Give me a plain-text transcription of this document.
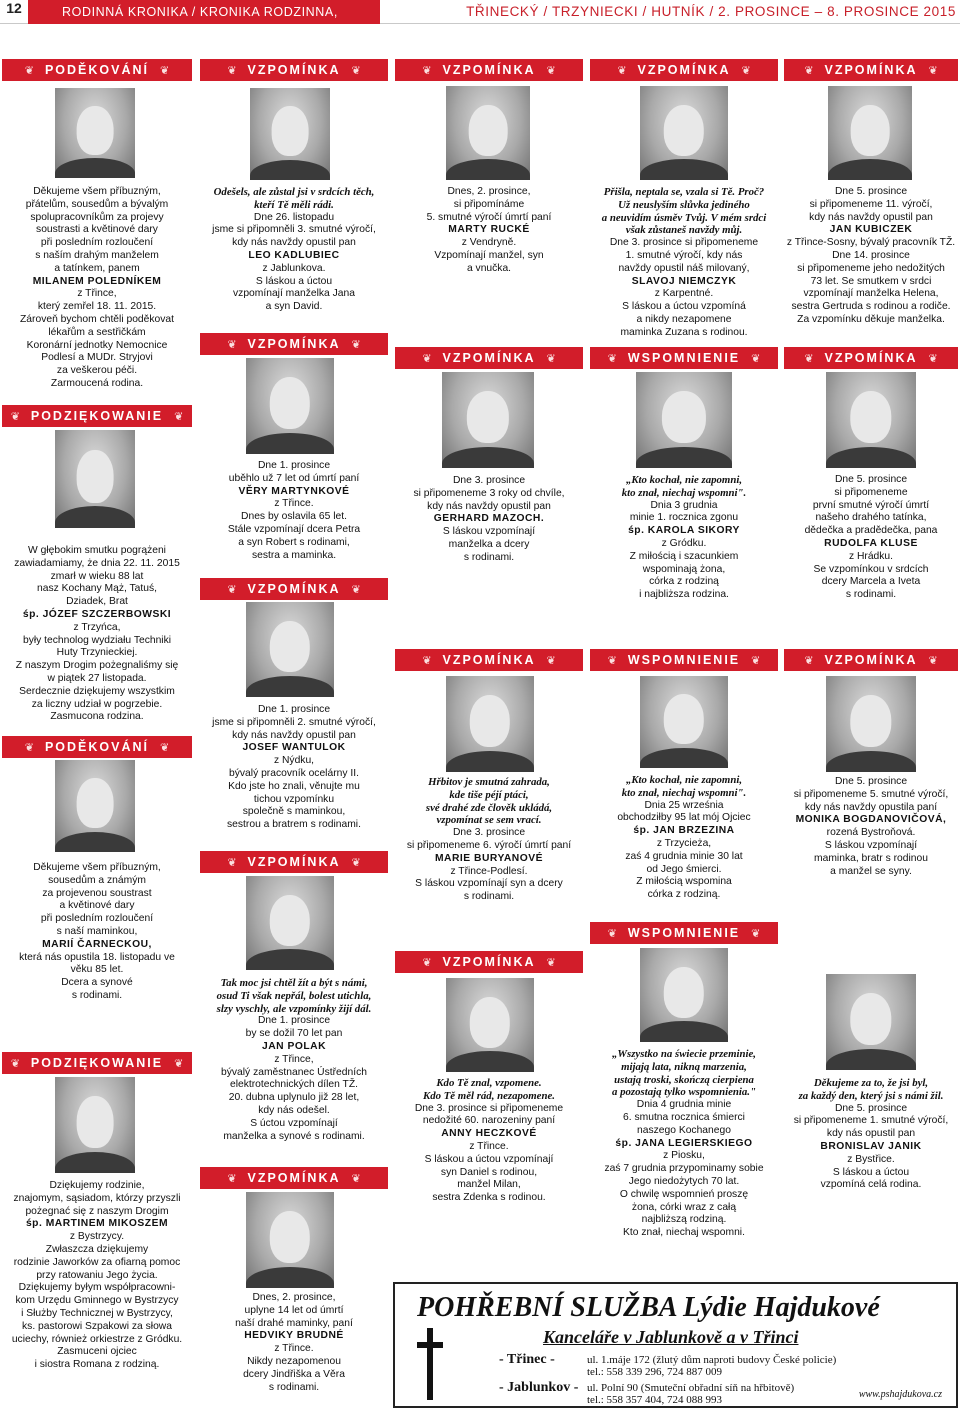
12	RODINNÁ KRONIKA / KRONIKA RODZINNA, INZERCE
TŘINECKÝ / TRZYNIECKI / HUTNÍK / 2. PROSINCE – 8. PROSINCE 2015
❦ PODĚKOVÁNÍ ❦
Děkujeme všem příbuzným,
přátelům, sousedům a bývalým
spolupracovníkům za projevy
soustrasti a květinové dary
při posledním rozloučení
s naším drahým manželem
a tatínkem, panem
MILANEM POLEDNÍKEM
z Třince,
který zemřel 18. 11. 2015.
Zároveň bychom chtěli poděkovat
lékařům a sestřičkám
Koronární jednotky Nemocnice
Podlesí a MUDr. Stryjovi
za veškerou péči.
Zarmoucená rodina.
❦ PODZIĘKOWANIE ❦
W głębokim smutku pogrążeni
zawiadamiamy, że dnia 22. 11. 2015
zmarł w wieku 88 lat
nasz Kochany Mąż, Tatuś,
Dziadek, Brat
śp. JÓZEF SZCZERBOWSKI
z Trzyńca,
były technolog wydziału Techniki
Huty Trzynieckiej.
Z naszym Drogim pożegnaliśmy się
w piątek 27 listopada.
Serdecznie dziękujemy wszystkim
za liczny udział w pogrzebie.
Zasmucona rodzina.
❦ PODĚKOVÁNÍ ❦
Děkujeme všem příbuzným,
sousedům a známým
za projevenou soustrast
a květinové dary
při posledním rozloučení
s naší maminkou,
MARIÍ ČARNECKOU,
která nás opustila 18. listopadu ve
věku 85 let.
Dcera a synové
s rodinami.
❦ PODZIĘKOWANIE ❦
Dziękujemy rodzinie,
znajomym, sąsiadom, którzy przyszli
pożegnać się z naszym Drogim
śp. MARTINEM MIKOSZEM
z Bystrzycy.
Zwłaszcza dziękujemy
rodzinie Jaworków za ofiarną pomoc
przy ratowaniu Jego życia.
Dziękujemy byłym współpracowni-
kom Urzędu Gminnego w Bystrzycy
i Służby Technicznej w Bystrzycy,
ks. pastorowi Szpakowi za słowa
uciechy, również orkiestrze z Gródku.
Zasmuceni ojciec
i siostra Romana z rodziną.
❦ VZPOMÍNKA ❦
Odešels, ale zůstal jsi v srdcích těch,
kteří Tě měli rádi.
Dne 26. listopadu
jsme si připomněli 3. smutné výročí,
kdy nás navždy opustil pan
LEO KADLUBIEC
z Jablunkova.
S láskou a úctou
vzpomínají manželka Jana
a syn David.
❦ VZPOMÍNKA ❦
Dne 1. prosince
uběhlo už 7 let od úmrtí paní
VĚRY MARTYNKOVÉ
z Třince.
Dnes by oslavila 65 let.
Stále vzpomínají dcera Petra
a syn Robert s rodinami,
sestra a maminka.
❦ VZPOMÍNKA ❦
Dne 1. prosince
jsme si připomněli 2. smutné výročí,
kdy nás navždy opustil pan
JOSEF WANTULOK
z Nýdku,
bývalý pracovník ocelárny II.
Kdo jste ho znali, věnujte mu
tichou vzpomínku
společně s maminkou,
sestrou a bratrem s rodinami.
❦ VZPOMÍNKA ❦
Tak moc jsi chtěl žít a být s námi,
osud Ti však nepřál, bolest utichla,
slzy vyschly, ale vzpomínky žijí dál.
Dne 1. prosince
by se dožil 70 let pan
JAN POLAK
z Třince,
bývalý zaměstnanec Ústředních
elektrotechnických dílen TŽ.
20. dubna uplynulo již 28 let,
kdy nás odešel.
S úctou vzpomínají
manželka a synové s rodinami.
❦ VZPOMÍNKA ❦
Dnes, 2. prosince,
uplyne 14 let od úmrtí
naší drahé maminky, paní
HEDVIKY BRUDNÉ
z Třince.
Nikdy nezapomenou
dcery Jindřiška a Věra
s rodinami.
❦ VZPOMÍNKA ❦
Dnes, 2. prosince,
si připomínáme
5. smutné výročí úmrtí paní
MARTY RUCKÉ
z Vendryně.
Vzpomínají manžel, syn
a vnučka.
❦ VZPOMÍNKA ❦
Dne 3. prosince
si připomeneme 3 roky od chvíle,
kdy nás navždy opustil pan
GERHARD MAZOCH.
S láskou vzpomínají
manželka a dcery
s rodinami.
❦ VZPOMÍNKA ❦
Hřbitov je smutná zahrada,
kde tiše péjí ptáci,
své drahé zde člověk ukládá,
vzpomínat se sem vrací.
Dne 3. prosince
si připomeneme 6. výročí úmrtí paní
MARIE BURYANOVÉ
z Třince-Podlesí.
S láskou vzpomínají syn a dcery
s rodinami.
❦ VZPOMÍNKA ❦
Kdo Tě znal, vzpomene.
Kdo Tě měl rád, nezapomene.
Dne 3. prosince si připomeneme
nedožité 60. narozeniny paní
ANNY HECZKOVÉ
z Třince.
S láskou a úctou vzpomínají
syn Daniel s rodinou,
manžel Milan,
sestra Zdenka s rodinou.
❦ VZPOMÍNKA ❦
Přišla, neptala se, vzala si Tě. Proč?
Už neuslyším slůvka jediného
a neuvidím úsměv Tvůj. V mém srdci
však zůstaneš navždy můj.
Dne 3. prosince si připomeneme
1. smutné výročí, kdy nás
navždy opustil náš milovaný,
SLAVOJ NIEMCZYK
z Karpentné.
S láskou a úctou vzpomíná
a nikdy nezapomene
maminka Zuzana s rodinou.
❦ WSPOMNIENIE ❦
„Kto kochał, nie zapomni,
kto znał, niechaj wspomni".
Dnia 3 grudnia
minie 1. rocznica zgonu
śp. KAROLA SIKORY
z Gródku.
Z miłością i szacunkiem
wspominają żona,
córka z rodziną
i najbliższa rodzina.
❦ WSPOMNIENIE ❦
„Kto kochał, nie zapomni,
kto znał, niechaj wspomni".
Dnia 25 września
obchodziłby 95 lat mój Ojciec
śp. JAN BRZEZINA
z Trzycieża,
zaś 4 grudnia minie 30 lat
od Jego śmierci.
Z miłością wspomina
córka z rodziną.
❦ WSPOMNIENIE ❦
„Wszystko na świecie przeminie,
mijają lata, nikną marzenia,
ustają troski, skończą cierpiena
a pozostają tylko wspomnienia."
Dnia 4 grudnia minie
6. smutna rocznica śmierci
naszego Kochanego
śp. JANA LEGIERSKIEGO
z Piosku,
zaś 7 grudnia przypominamy sobie
Jego niedożytych 70 lat.
O chwilę wspomnień proszę
żona, córki wraz z całą
najbliższą rodziną.
Kto znał, niechaj wspomni.
❦ VZPOMÍNKA ❦
Dne 5. prosince
si připomeneme 11. výročí,
kdy nás navždy opustil pan
JAN KUBICZEK
z Třince-Sosny, bývalý pracovník TŽ.
Dne 14. prosince
si připomeneme jeho nedožitých
73 let. Se smutkem v srdci
vzpomínají manželka Helena,
sestra Gertruda s rodinou a rodiče.
Za vzpomínku děkuje manželka.
❦ VZPOMÍNKA ❦
Dne 5. prosince
si připomeneme
první smutné výročí úmrtí
našeho drahého tatínka,
dědečka a pradědečka, pana
RUDOLFA KLUSE
z Hrádku.
Se vzpomínkou v srdcích
dcery Marcela a Iveta
s rodinami.
❦ VZPOMÍNKA ❦
Dne 5. prosince
si připomeneme 5. smutné výročí,
kdy nás navždy opustila paní
MONIKA BOGDANOVIČOVÁ,
rozená Bystroňová.
S láskou vzpomínají
maminka, bratr s rodinou
a manžel se syny.
Děkujeme za to, že jsi byl,
za každý den, který jsi s námi žil.
Dne 5. prosince
si připomeneme 1. smutné výročí,
kdy nás opustil pan
BRONISLAV JANIK
z Bystřice.
S láskou a úctou
vzpomíná celá rodina.
POHŘEBNÍ SLUŽBA Lýdie Hajdukové
Kanceláře v Jablunkově a v Třinci
- Třinec -	ul. 1.máje 172 (žlutý dům naproti budovy České policie)
tel.: 558 339 296, 724 887 009
- Jablunkov - ul. Polní 90 (Smuteční obřadní síň na hřbitově)
tel.: 558 357 404, 724 088 993	www.pshajdukova.cz
